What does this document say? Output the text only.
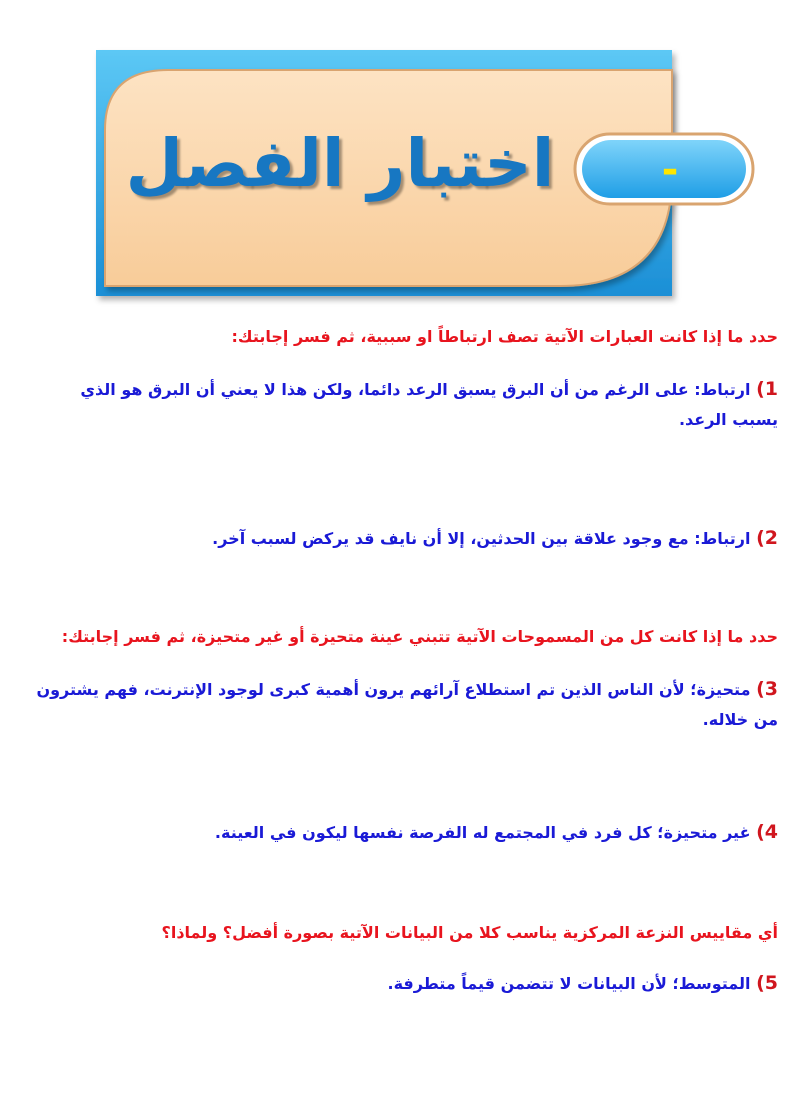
اختبار الفصل	-

حدد ما إذا كانت العبارات الآتية تصف ارتباطاً او سببية، ثم فسر إجابتك:

1) ارتباط: على الرغم من أن البرق يسبق الرعد دائما، ولكن هذا لا يعني أن البرق هو الذي يسبب الرعد.

2) ارتباط: مع وجود علاقة بين الحدثين، إلا أن نايف قد يركض لسبب آخر.

حدد ما إذا كانت كل من المسموحات الآتية تتبني عينة متحيزة أو غير متحيزة، ثم فسر إجابتك:

3) متحيزة؛ لأن الناس الذين تم استطلاع آرائهم يرون أهمية كبرى لوجود الإنترنت، فهم يشترون من خلاله.

4) غير متحيزة؛ كل فرد في المجتمع له الفرصة نفسها ليكون في العينة.

أي مقاييس النزعة المركزية يناسب كلا من البيانات الآتية بصورة أفضل؟ ولماذا؟

5) المتوسط؛ لأن البيانات لا تتضمن قيماً متطرفة.
